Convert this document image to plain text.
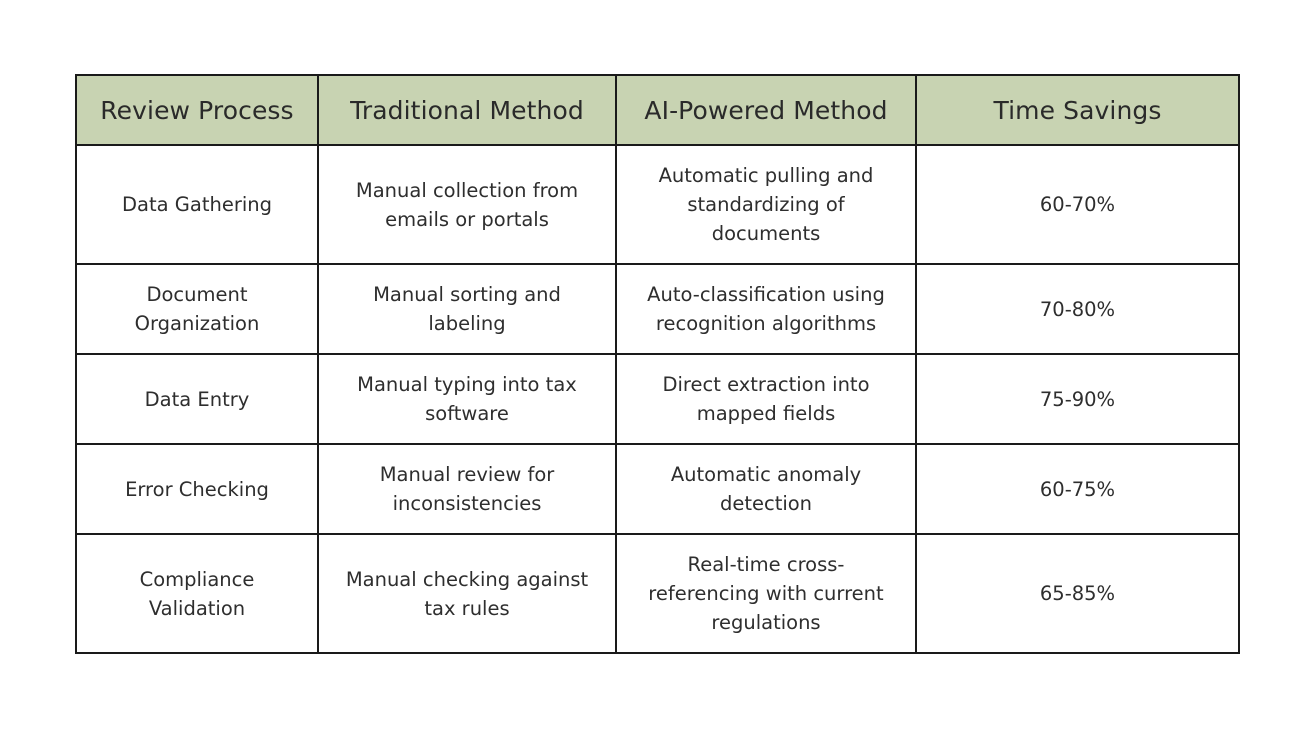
Review Process	Traditional Method	AI-Powered Method	Time Savings
Data Gathering	Manual collection from emails or portals	Automatic pulling and standardizing of documents	60-70%
Document Organization	Manual sorting and labeling	Auto-classification using recognition algorithms	70-80%
Data Entry	Manual typing into tax software	Direct extraction into mapped fields	75-90%
Error Checking	Manual review for inconsistencies	Automatic anomaly detection	60-75%
Compliance Validation	Manual checking against tax rules	Real-time cross-referencing with current regulations	65-85%
